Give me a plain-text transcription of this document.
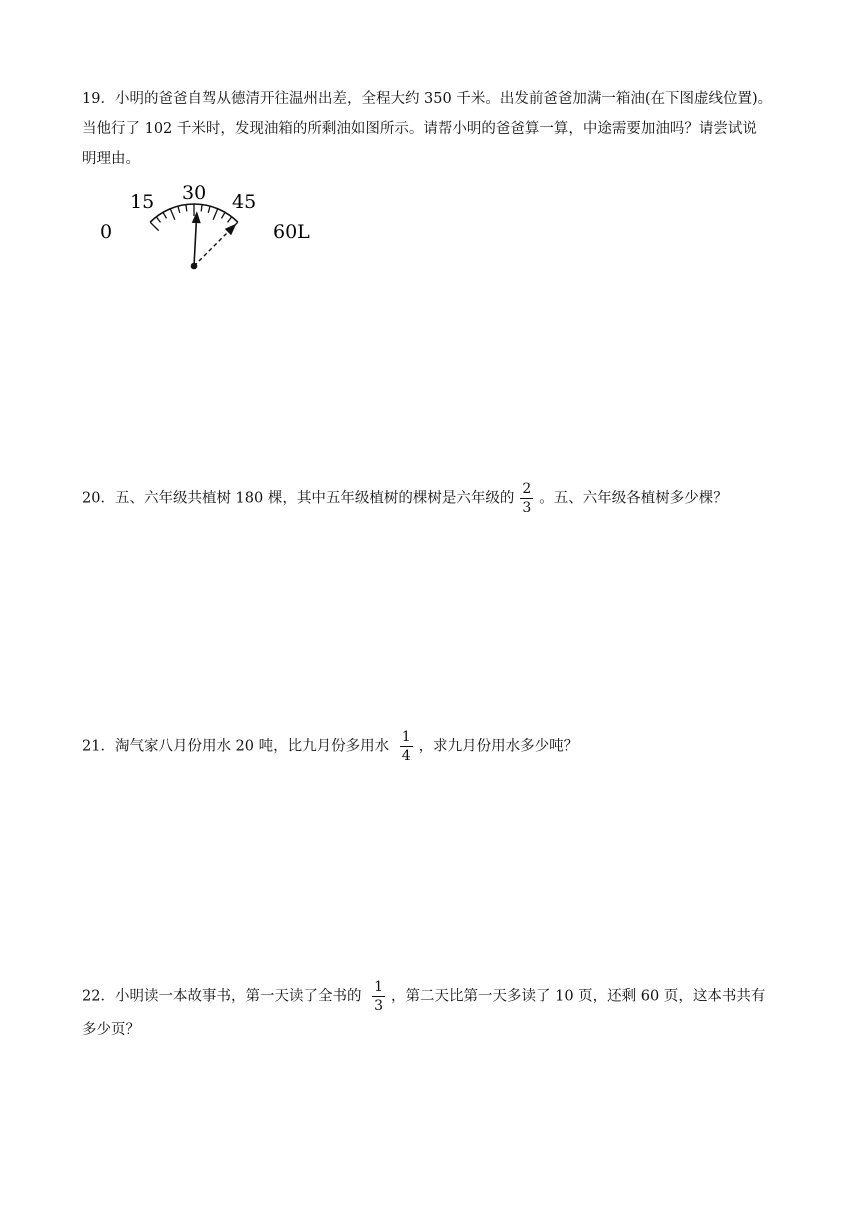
19．小明的爸爸自驾从德清开往温州出差，全程大约 350 千米。出发前爸爸加满一箱油(在下图虚线位置)。
当他行了 102 千米时，发现油箱的所剩油如图所示。请帮小明的爸爸算一算，中途需要加油吗？请尝试说
明理由。
0
15 30 45
60L
20．五、六年级共植树 180 棵，其中五年级植树的棵树是六年级的 $\frac{2}{3}$ 。五、六年级各植树多少棵？
21．淘气家八月份用水 20 吨，比九月份多用水 $\frac{1}{4}$ ，求九月份用水多少吨？
22．小明读一本故事书，第一天读了全书的 $\frac{1}{3}$ ，第二天比第一天多读了 10 页，还剩 60 页，这本书共有
多少页？
